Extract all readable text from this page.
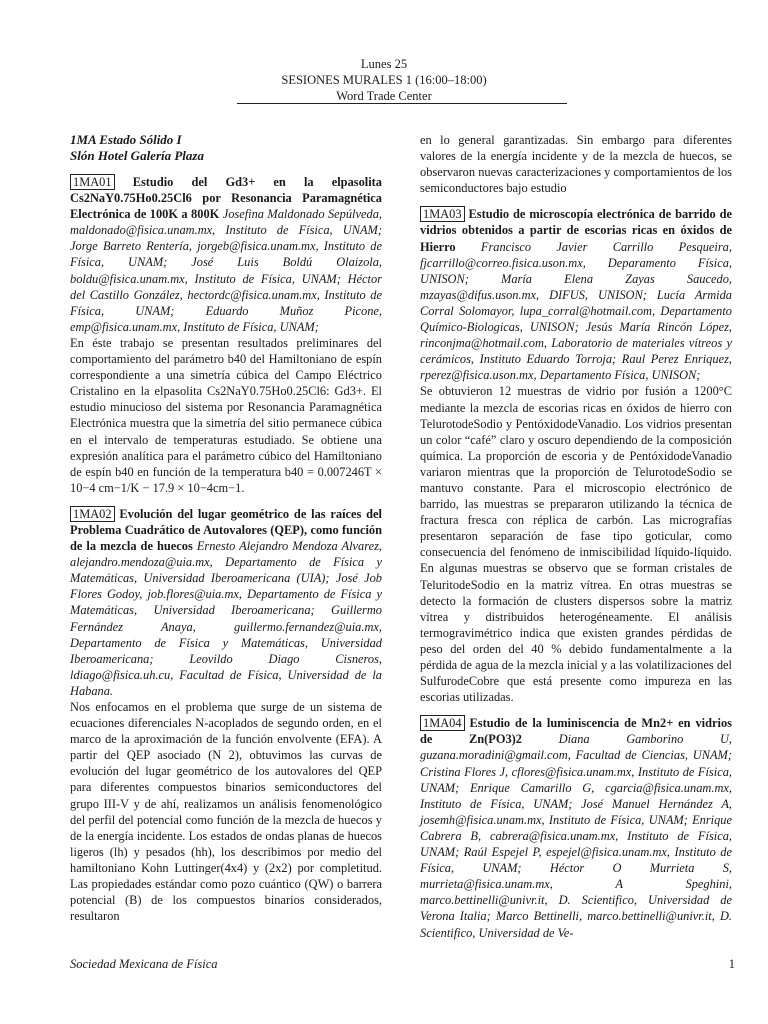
Lunes 25
SESIONES MURALES 1 (16:00–18:00)
Word Trade Center
1MA Estado Sólido I
Slón Hotel Galería Plaza
1MA01 Estudio del Gd3+ en la elpasolita Cs2NaY0.75Ho0.25Cl6 por Resonancia Paramagnética Electrónica de 100K a 800K Josefina Maldonado Sepúlveda, maldonado@fisica.unam.mx, Instituto de Física, UNAM; Jorge Barreto Rentería, jorgeb@fisica.unam.mx, Instituto de Física, UNAM; José Luis Boldú Olaizola, boldu@fisica.unam.mx, Instituto de Física, UNAM; Héctor del Castillo González, hectordc@fisica.unam.mx, Instituto de Física, UNAM; Eduardo Muñoz Picone, emp@fisica.unam.mx, Instituto de Física, UNAM;
En éste trabajo se presentan resultados preliminares del comportamiento del parámetro b40 del Hamiltoniano de espín correspondiente a una simetría cúbica del Campo Eléctrico Cristalino en la elpasolita Cs2NaY0.75Ho0.25Cl6: Gd3+. El estudio minucioso del sistema por Resonancia Paramagnética Electrónica muestra que la simetría del sitio permanece cúbica en el intervalo de temperaturas estudiado. Se obtiene una expresión analítica para el parámetro cúbico del Hamiltoniano de espín b40 en función de la temperatura b40 = 0.007246T × 10−4 cm−1/K − 17.9 × 10−4cm−1.
1MA02 Evolución del lugar geométrico de las raíces del Problema Cuadrático de Autovalores (QEP), como función de la mezcla de huecos Ernesto Alejandro Mendoza Alvarez, alejandro.mendoza@uia.mx, Departamento de Física y Matemáticas, Universidad Iberoamericana (UIA); José Job Flores Godoy, job.flores@uia.mx, Departamento de Física y Matemáticas, Universidad Iberoamericana; Guillermo Fernández Anaya, guillermo.fernandez@uia.mx, Departamento de Física y Matemáticas, Universidad Iberoamericana; Leovildo Diago Cisneros, ldiago@fisica.uh.cu, Facultad de Física, Universidad de la Habana.
Nos enfocamos en el problema que surge de un sistema de ecuaciones diferenciales N-acoplados de segundo orden, en el marco de la aproximación de la función envolvente (EFA). A partir del QEP asociado (N 2), obtuvimos las curvas de evolución del lugar geométrico de los autovalores del QEP para diferentes compuestos binarios semiconductores del grupo III-V y de ahí, realizamos un análisis fenomenológico del perfil del potencial como función de la mezcla de huecos y de la energía incidente. Los estados de ondas planas de huecos ligeros (lh) y pesados (hh), los describimos por medio del hamiltoniano Kohn Luttinger(4x4) y (2x2) por completitud. Las propiedades estándar como pozo cuántico (QW) o barrera potencial (B) de los compuestos binarios considerados, resultaron
en lo general garantizadas. Sin embargo para diferentes valores de la energía incidente y de la mezcla de huecos, se observaron nuevas caracterizaciones y comportamientos de los semiconductores bajo estudio
1MA03 Estudio de microscopía electrónica de barrido de vidrios obtenidos a partir de escorias ricas en óxidos de Hierro Francisco Javier Carrillo Pesqueira, fjcarrillo@correo.fisica.uson.mx, Deparamento Física, UNISON; María Elena Zayas Saucedo, mzayas@difus.uson.mx, DIFUS, UNISON; Lucía Armida Corral Solomayor, lupa_corral@hotmail.com, Departamento Químico-Biologicas, UNISON; Jesús María Rincón López, rinconjma@hotmail.com, Laboratorio de materiales vítreos y cerámicos, Instituto Eduardo Torroja; Raul Perez Enriquez, rperez@fisica.uson.mx, Departamento Física, UNISON;
Se obtuvieron 12 muestras de vidrio por fusión a 1200°C mediante la mezcla de escorias ricas en óxidos de hierro con TelurotodeSodio y PentóxidodeVanadio. Los vidrios presentan un color “café” claro y oscuro dependiendo de la composición química. La proporción de escoria y de PentóxidodeVanadio variaron mientras que la proporción de TelurotodeSodio se mantuvo constante. Para el microscopio electrónico de barrido, las muestras se prepararon utilizando la técnica de fractura fresca con réplica de carbón. Las micrografías presentaron separación de fase tipo goticular, como consecuencia del fenómeno de inmiscibilidad líquido-líquido. En algunas muestras se observo que se forman cristales de TeluritodeSodio en la matriz vítrea. En otras muestras se detecto la formación de clusters dispersos sobre la matriz vítrea y distribuidos heterogéneamente. El análisis termogravimétrico indica que existen grandes pérdidas de peso del orden del 40 % debido fundamentalmente a la pérdida de agua de la mezcla inicial y a las volatilizaciones del SulfurodeCobre que está presente como impureza en las escorias utilizadas.
1MA04 Estudio de la luminiscencia de Mn2+ en vidrios de Zn(PO3)2	Diana Gamborino U, guzana.moradini@gmail.com, Facultad de Ciencias, UNAM; Cristina Flores J, cflores@fisica.unam.mx, Instituto de Física, UNAM; Enrique Camarillo G, cgarcia@fisica.unam.mx, Instituto de Física, UNAM; José Manuel Hernández A, josemh@fisica.unam.mx, Instituto de Física, UNAM; Enrique Cabrera B, cabrera@fisica.unam.mx, Instituto de Física, UNAM; Raúl Espejel P, espejel@fisica.unam.mx, Instituto de Física, UNAM; Héctor O Murrieta S, murrieta@fisica.unam.mx, A Speghini, marco.bettinelli@univr.it, D. Scientifico, Universidad de Verona Italia; Marco Bettinelli, marco.bettinelli@univr.it, D. Scientifico, Universidad de Ve-
Sociedad Mexicana de Física	1
